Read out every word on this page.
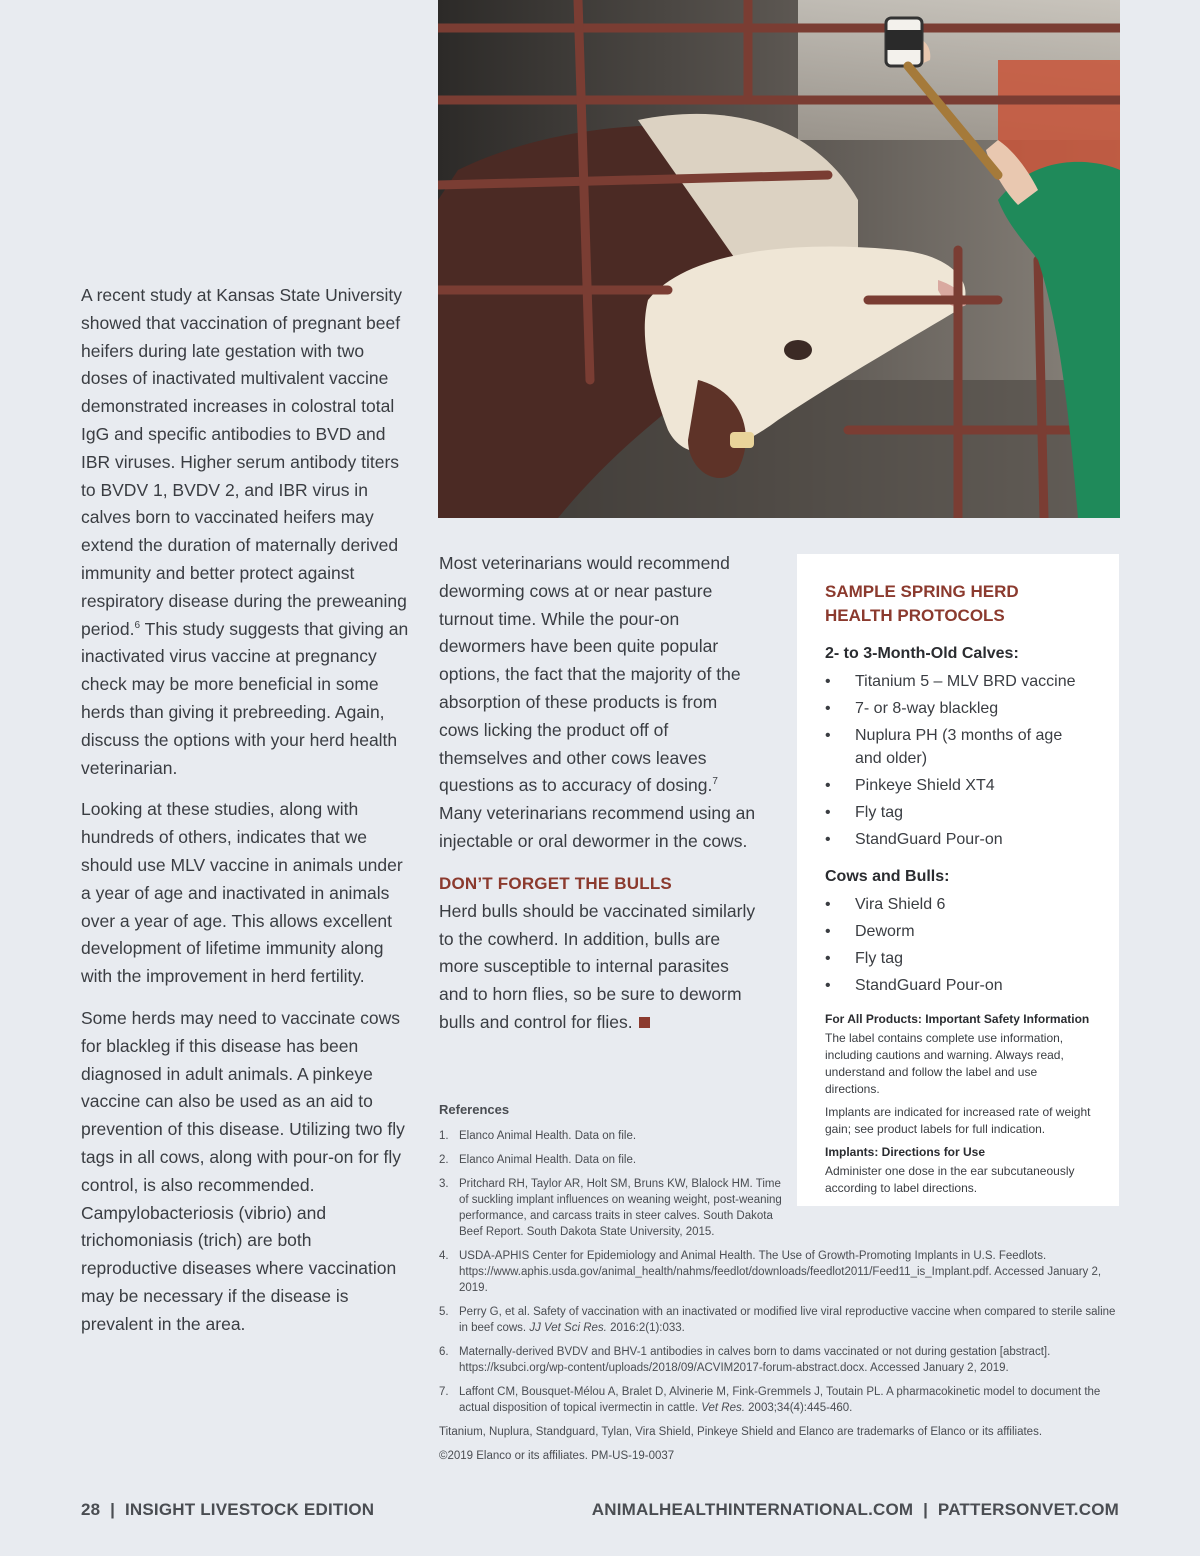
A recent study at Kansas State University showed that vaccination of pregnant beef heifers during late gestation with two doses of inactivated multivalent vaccine demonstrated increases in colostral total IgG and specific antibodies to BVD and IBR viruses. Higher serum antibody titers to BVDV 1, BVDV 2, and IBR virus in calves born to vaccinated heifers may extend the duration of maternally derived immunity and better protect against respiratory disease during the preweaning period.$^6$ This study suggests that giving an inactivated virus vaccine at pregnancy check may be more beneficial in some herds than giving it prebreeding. Again, discuss the options with your herd health veterinarian.

Looking at these studies, along with hundreds of others, indicates that we should use MLV vaccine in animals under a year of age and inactivated in animals over a year of age. This allows excellent development of lifetime immunity along with the improvement in herd fertility.

Some herds may need to vaccinate cows for blackleg if this disease has been diagnosed in adult animals. A pinkeye vaccine can also be used as an aid to prevention of this disease. Utilizing two fly tags in all cows, along with pour-on for fly control, is also recommended. Campylobacteriosis (vibrio) and trichomoniasis (trich) are both reproductive diseases where vaccination may be necessary if the disease is prevalent in the area.

Most veterinarians would recommend deworming cows at or near pasture turnout time. While the pour-on dewormers have been quite popular options, the fact that the majority of the absorption of these products is from cows licking the product off of themselves and other cows leaves questions as to accuracy of dosing.$^7$ Many veterinarians recommend using an injectable or oral dewormer in the cows.

DON’T FORGET THE BULLS

Herd bulls should be vaccinated similarly to the cowherd. In addition, bulls are more susceptible to internal parasites and to horn flies, so be sure to deworm bulls and control for flies.

SAMPLE SPRING HERD HEALTH PROTOCOLS
2- to 3-Month-Old Calves:
• Titanium 5 – MLV BRD vaccine
• 7- or 8-way blackleg
• Nuplura PH (3 months of age and older)
• Pinkeye Shield XT4
• Fly tag
• StandGuard Pour-on
Cows and Bulls:
• Vira Shield 6
• Deworm
• Fly tag
• StandGuard Pour-on
For All Products: Important Safety Information

The label contains complete use information, including cautions and warning. Always read, understand and follow the label and use directions.

Implants are indicated for increased rate of weight gain; see product labels for full indication.

Implants: Directions for Use

Administer one dose in the ear subcutaneously according to label directions.

References
1. Elanco Animal Health. Data on file.
2. Elanco Animal Health. Data on file.
3. Pritchard RH, Taylor AR, Holt SM, Bruns KW, Blalock HM. Time of suckling implant influences on weaning weight, post-weaning performance, and carcass traits in steer calves. South Dakota Beef Report. South Dakota State University, 2015.
4. USDA-APHIS Center for Epidemiology and Animal Health. The Use of Growth-Promoting Implants in U.S. Feedlots. https://www.aphis.usda.gov/animal_health/nahms/feedlot/downloads/feedlot2011/Feed11_is_Implant.pdf. Accessed January 2, 2019.
5. Perry G, et al. Safety of vaccination with an inactivated or modified live viral reproductive vaccine when compared to sterile saline in beef cows. JJ Vet Sci Res. 2016:2(1):033.
6. Maternally-derived BVDV and BHV-1 antibodies in calves born to dams vaccinated or not during gestation [abstract]. https://ksubci.org/wp-content/uploads/2018/09/ACVIM2017-forum-abstract.docx. Accessed January 2, 2019.
7. Laffont CM, Bousquet-Mélou A, Bralet D, Alvinerie M, Fink-Gremmels J, Toutain PL. A pharmacokinetic model to document the actual disposition of topical ivermectin in cattle. Vet Res. 2003;34(4):445-460.

Titanium, Nuplura, Standguard, Tylan, Vira Shield, Pinkeye Shield and Elanco are trademarks of Elanco or its affiliates.

©2019 Elanco or its affiliates. PM-US-19-0037

28  |  INSIGHT LIVESTOCK EDITION	ANIMALHEALTHINTERNATIONAL.COM  |  PATTERSONVET.COM
